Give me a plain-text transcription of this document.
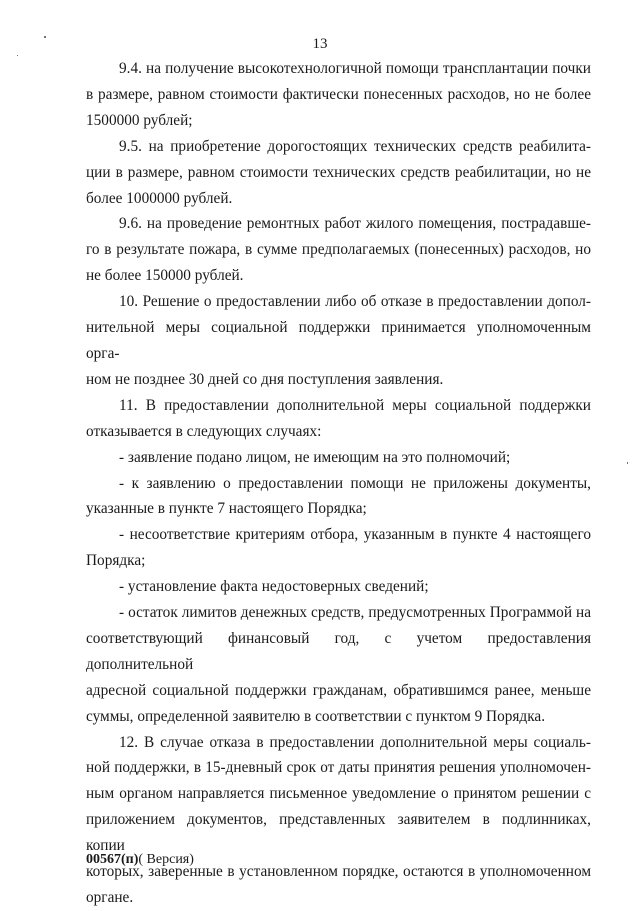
13
9.4. на получение высокотехнологичной помощи трансплантации почки
в размере, равном стоимости фактически понесенных расходов, но не более
1500000 рублей;
9.5. на приобретение дорогостоящих технических средств реабилита-
ции в размере, равном стоимости технических средств реабилитации, но не
более 1000000 рублей.
9.6. на проведение ремонтных работ жилого помещения, пострадавше-
го в результате пожара, в сумме предполагаемых (понесенных) расходов, но
не более 150000 рублей.
10. Решение о предоставлении либо об отказе в предоставлении допол-
нительной меры социальной поддержки принимается уполномоченным орга-
ном не позднее 30 дней со дня поступления заявления.
11. В предоставлении дополнительной меры социальной поддержки
отказывается в следующих случаях:
- заявление подано лицом, не имеющим на это полномочий;
- к заявлению о предоставлении помощи не приложены документы,
указанные в пункте 7 настоящего Порядка;
- несоответствие критериям отбора, указанным в пункте 4 настоящего
Порядка;
- установление факта недостоверных сведений;
- остаток лимитов денежных средств, предусмотренных Программой на
соответствующий финансовый год, с учетом предоставления дополнительной
адресной социальной поддержки гражданам, обратившимся ранее, меньше
суммы, определенной заявителю в соответствии с пунктом 9 Порядка.
12. В случае отказа в предоставлении дополнительной меры социаль-
ной поддержки, в 15-дневный срок от даты принятия решения уполномочен-
ным органом направляется письменное уведомление о принятом решении с
приложением документов, представленных заявителем в подлинниках, копии
которых, заверенные в установленном порядке, остаются в уполномоченном
органе.
00567(п)( Версия)
